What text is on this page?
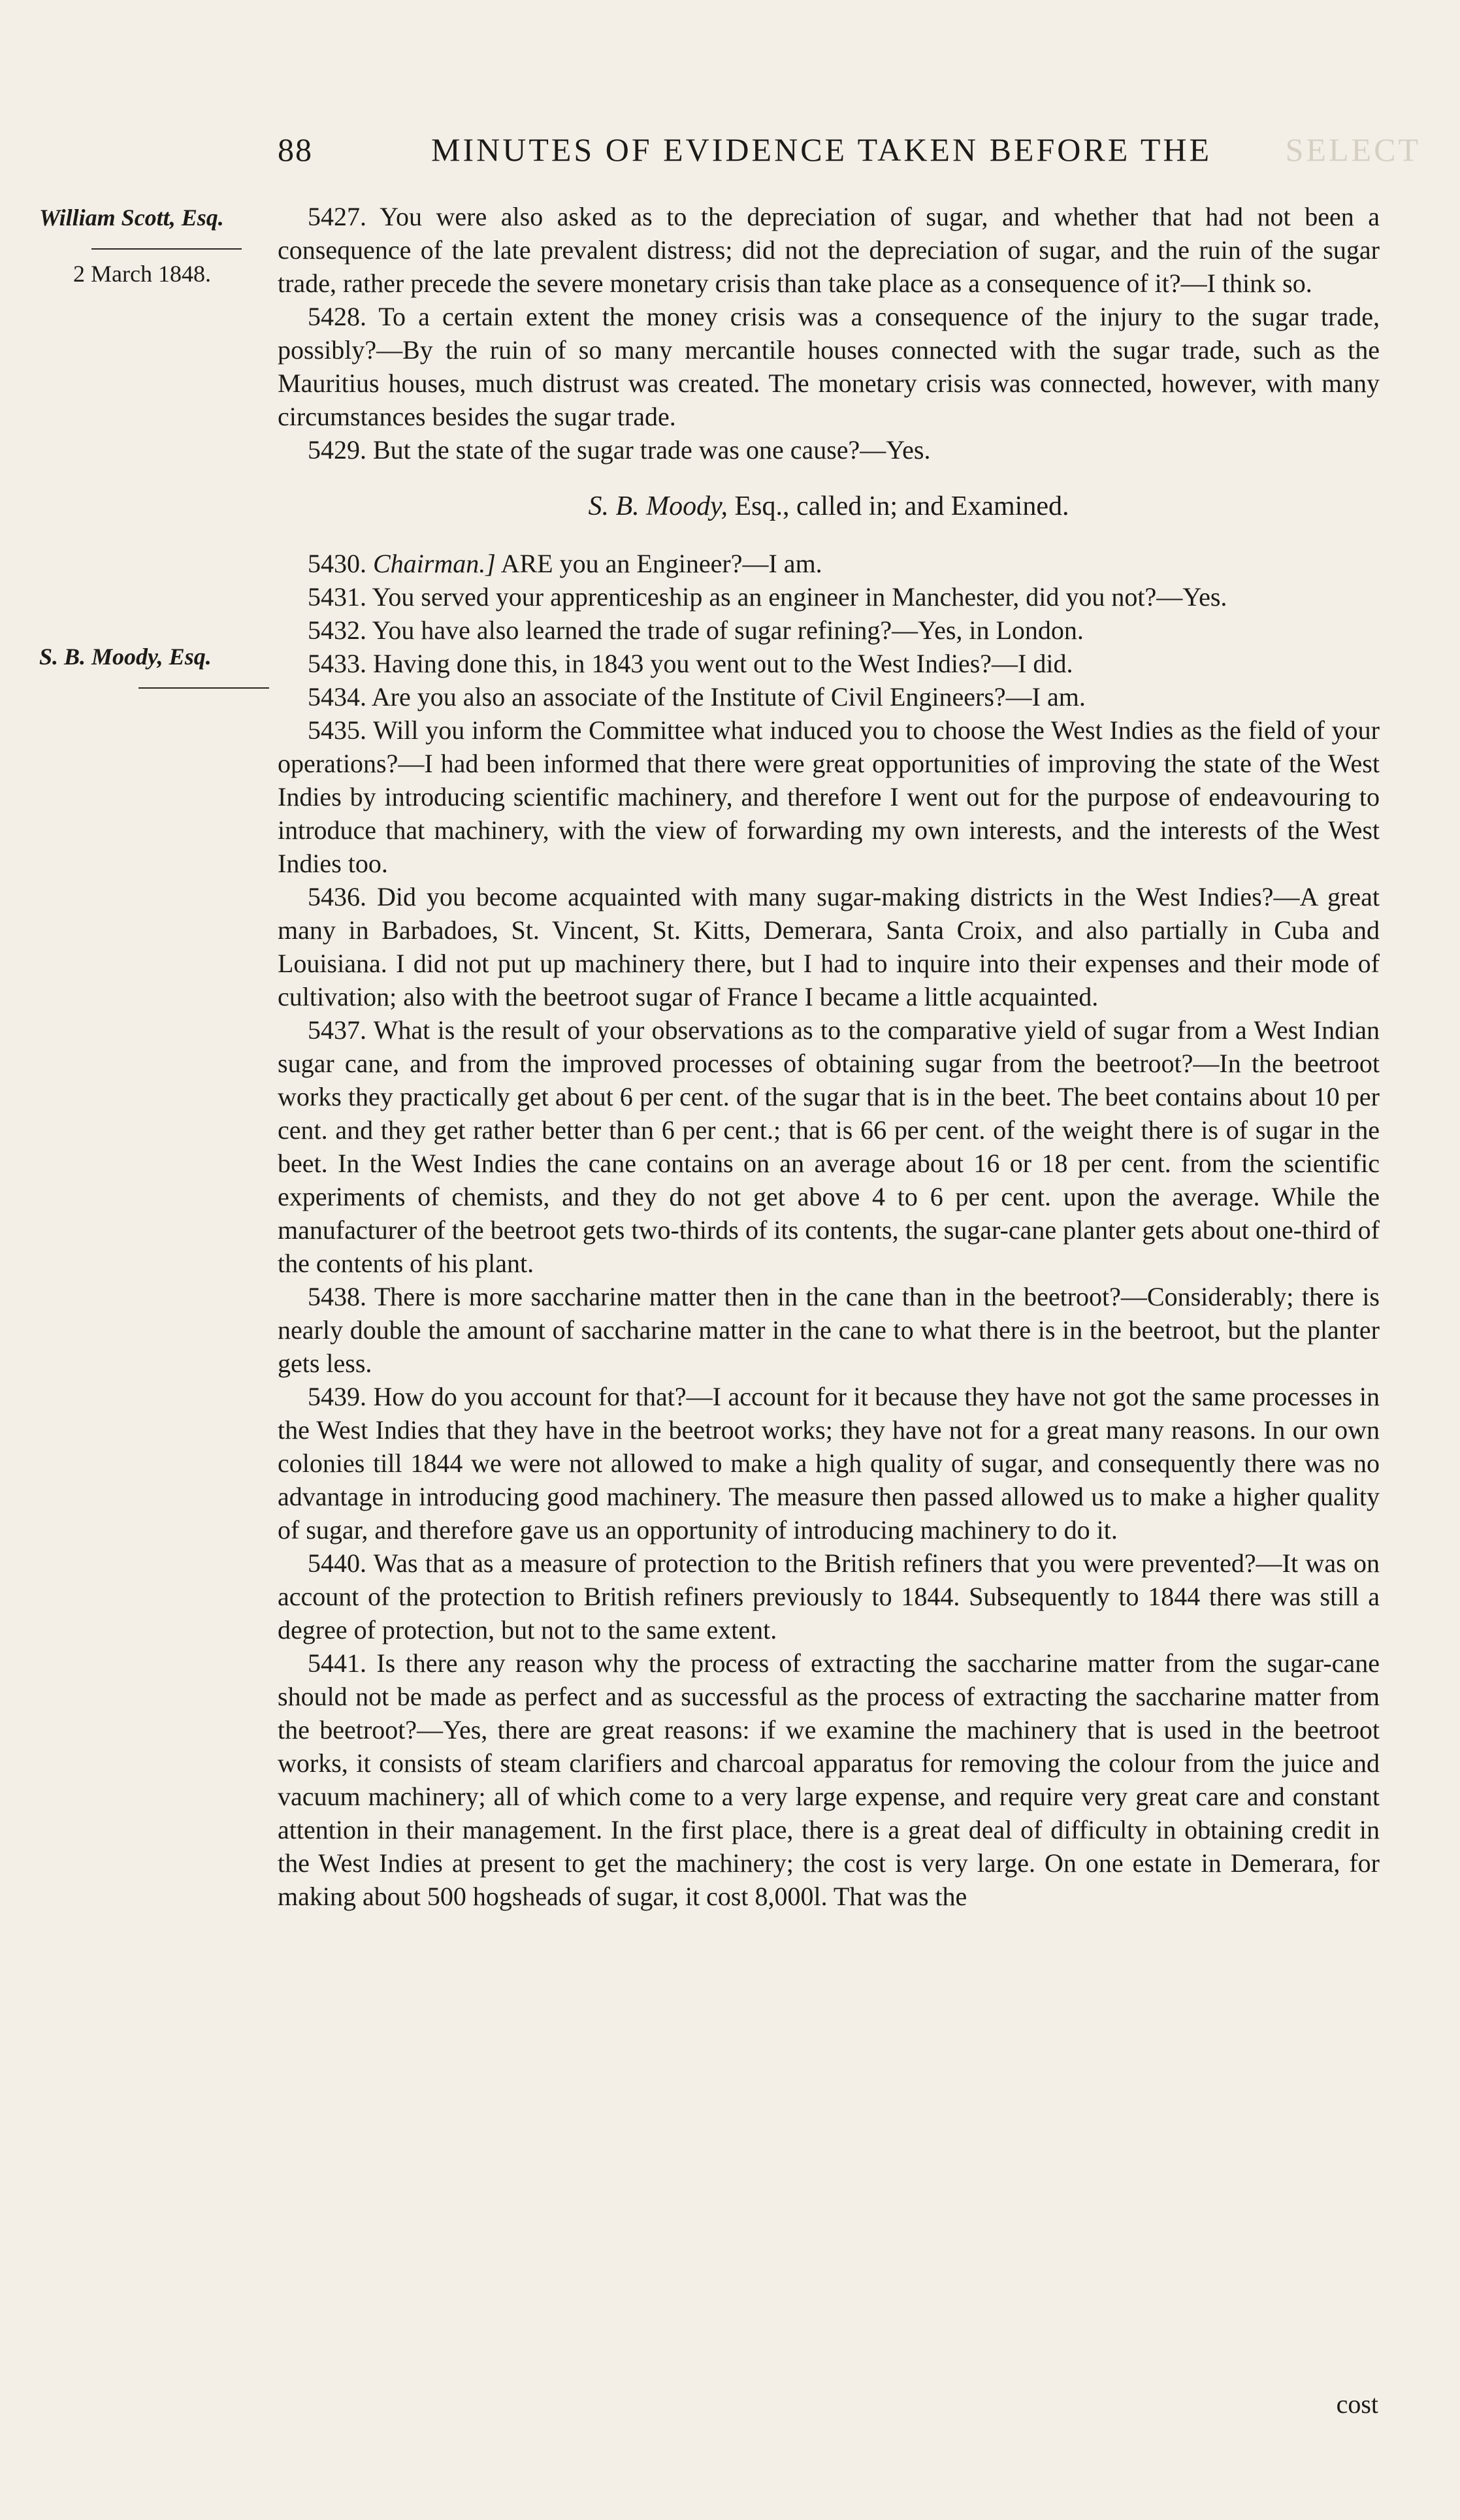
SELECT
88	MINUTES OF EVIDENCE TAKEN BEFORE THE
William Scott, Esq.
2 March 1848.
S. B. Moody, Esq.

5427. You were also asked as to the depreciation of sugar, and whether that had not been a consequence of the late prevalent distress; did not the depreciation of sugar, and the ruin of the sugar trade, rather precede the severe monetary crisis than take place as a consequence of it?—I think so.

5428. To a certain extent the money crisis was a consequence of the injury to the sugar trade, possibly?—By the ruin of so many mercantile houses connected with the sugar trade, such as the Mauritius houses, much distrust was created. The monetary crisis was connected, however, with many circumstances besides the sugar trade.

5429. But the state of the sugar trade was one cause?—Yes.

S. B. Moody, Esq., called in; and Examined.

5430. Chairman.] ARE you an Engineer?—I am.

5431. You served your apprenticeship as an engineer in Manchester, did you not?—Yes.

5432. You have also learned the trade of sugar refining?—Yes, in London.

5433. Having done this, in 1843 you went out to the West Indies?—I did.

5434. Are you also an associate of the Institute of Civil Engineers?—I am.

5435. Will you inform the Committee what induced you to choose the West Indies as the field of your operations?—I had been informed that there were great opportunities of improving the state of the West Indies by introducing scientific machinery, and therefore I went out for the purpose of endeavouring to introduce that machinery, with the view of forwarding my own interests, and the interests of the West Indies too.

5436. Did you become acquainted with many sugar-making districts in the West Indies?—A great many in Barbadoes, St. Vincent, St. Kitts, Demerara, Santa Croix, and also partially in Cuba and Louisiana. I did not put up machinery there, but I had to inquire into their expenses and their mode of cultivation; also with the beetroot sugar of France I became a little acquainted.

5437. What is the result of your observations as to the comparative yield of sugar from a West Indian sugar cane, and from the improved processes of obtaining sugar from the beetroot?—In the beetroot works they practically get about 6 per cent. of the sugar that is in the beet. The beet contains about 10 per cent. and they get rather better than 6 per cent.; that is 66 per cent. of the weight there is of sugar in the beet. In the West Indies the cane contains on an average about 16 or 18 per cent. from the scientific experiments of chemists, and they do not get above 4 to 6 per cent. upon the average. While the manufacturer of the beetroot gets two-thirds of its contents, the sugar-cane planter gets about one-third of the contents of his plant.

5438. There is more saccharine matter then in the cane than in the beetroot?—Considerably; there is nearly double the amount of saccharine matter in the cane to what there is in the beetroot, but the planter gets less.

5439. How do you account for that?—I account for it because they have not got the same processes in the West Indies that they have in the beetroot works; they have not for a great many reasons. In our own colonies till 1844 we were not allowed to make a high quality of sugar, and consequently there was no advantage in introducing good machinery. The measure then passed allowed us to make a higher quality of sugar, and therefore gave us an opportunity of introducing machinery to do it.

5440. Was that as a measure of protection to the British refiners that you were prevented?—It was on account of the protection to British refiners previously to 1844. Subsequently to 1844 there was still a degree of protection, but not to the same extent.

5441. Is there any reason why the process of extracting the saccharine matter from the sugar-cane should not be made as perfect and as successful as the process of extracting the saccharine matter from the beetroot?—Yes, there are great reasons: if we examine the machinery that is used in the beetroot works, it consists of steam clarifiers and charcoal apparatus for removing the colour from the juice and vacuum machinery; all of which come to a very large expense, and require very great care and constant attention in their management. In the first place, there is a great deal of difficulty in obtaining credit in the West Indies at present to get the machinery; the cost is very large. On one estate in Demerara, for making about 500 hogsheads of sugar, it cost 8,000l. That was the

cost
